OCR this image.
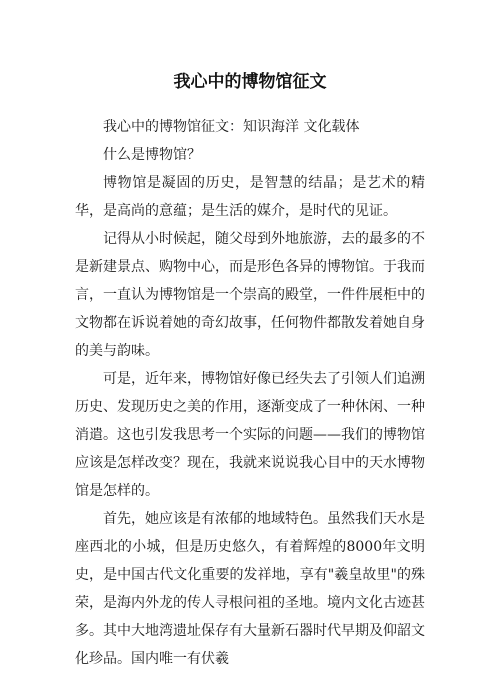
我心中的博物馆征文

我心中的博物馆征文：知识海洋 文化载体

什么是博物馆？

博物馆是凝固的历史，是智慧的结晶；是艺术的精华，是高尚的意蕴；是生活的媒介，是时代的见证。

记得从小时候起，随父母到外地旅游，去的最多的不是新建景点、购物中心，而是形色各异的博物馆。于我而言，一直认为博物馆是一个崇高的殿堂，一件件展柜中的文物都在诉说着她的奇幻故事，任何物件都散发着她自身的美与韵味。

可是，近年来，博物馆好像已经失去了引领人们追溯历史、发现历史之美的作用，逐渐变成了一种休闲、一种消遣。这也引发我思考一个实际的问题——我们的博物馆应该是怎样改变？现在，我就来说说我心目中的天水博物馆是怎样的。

首先，她应该是有浓郁的地域特色。虽然我们天水是座西北的小城，但是历史悠久，有着辉煌的8000年文明史，是中国古代文化重要的发祥地，享有"羲皇故里"的殊荣，是海内外龙的传人寻根问祖的圣地。境内文化古迹甚多。其中大地湾遗址保存有大量新石器时代早期及仰韶文化珍品。国内唯一有伏羲
